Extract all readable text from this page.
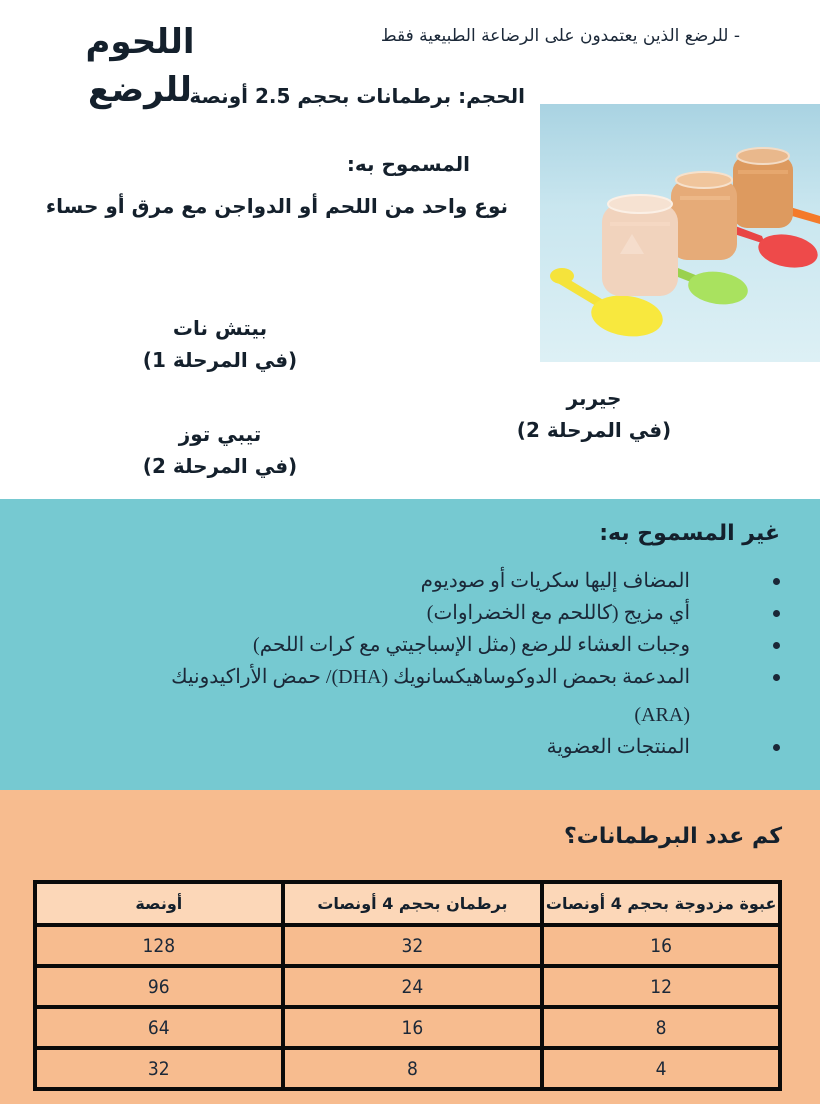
اللحوم للرضع
- للرضع الذين يعتمدون على الرضاعة الطبيعية فقط
الحجم: برطمانات بحجم 2.5 أونصة
المسموح به:
نوع واحد من اللحم أو الدواجن مع مرق أو حساء
بيتش نات
(في المرحلة 1)
تيبي توز
(في المرحلة 2)
جيربر
(في المرحلة 2)
غير المسموح به:
المضاف إليها سكريات أو صوديوم
أي مزيج (كاللحم مع الخضراوات)
وجبات العشاء للرضع (مثل الإسباجيتي مع كرات اللحم)
المدعمة بحمض الدوكوساهيكسانويك (DHA)/ حمض الأراكيدونيك
(ARA)
المنتجات العضوية
كم عدد البرطمانات؟
عبوة مزدوجة بحجم 4 أونصات	برطمان بحجم 4 أونصات	أونصة
16	32	128
12	24	96
8	16	64
4	8	32
